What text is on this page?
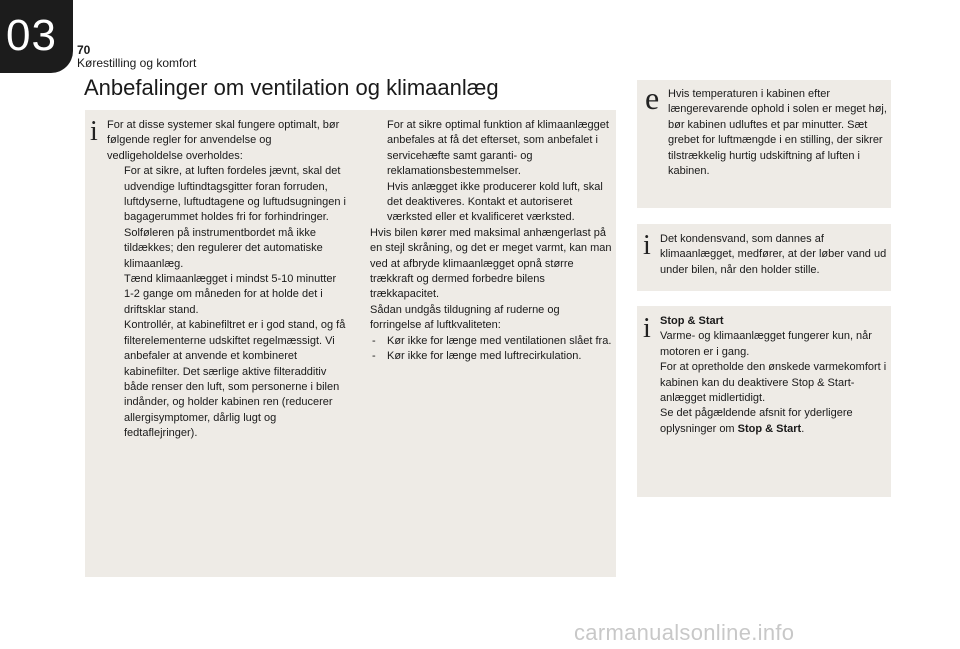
03 70
Kørestilling og komfort
Anbefalinger om ventilation og klimaanlæg
i For at disse systemer skal fungere optimalt, bør følgende regler for anvendelse og vedligeholdelse overholdes:

For at sikre, at luften fordeles jævnt, skal det udvendige luftindtagsgitter foran forruden, luftdyserne, luftudtagene og luftudsugningen i bagagerummet holdes fri for forhindringer.

Solføleren på instrumentbordet må ikke tildækkes; den regulerer det automatiske klimaanlæg.

Tænd klimaanlægget i mindst 5-10 minutter 1-2 gange om måneden for at holde det i driftsklar stand.

Kontrollér, at kabinefiltret er i god stand, og få filterelementerne udskiftet regelmæssigt. Vi anbefaler at anvende et kombineret kabinefilter. Det særlige aktive filteradditiv både renser den luft, som personerne i bilen indånder, og holder kabinen ren (reducerer allergisymptomer, dårlig lugt og fedtaflejringer).

For at sikre optimal funktion af klimaanlægget anbefales at få det efterset, som anbefalet i servicehæfte samt garanti- og reklamationsbestemmelser.

Hvis anlægget ikke producerer kold luft, skal det deaktiveres. Kontakt et autoriseret værksted eller et kvalificeret værksted.

Hvis bilen kører med maksimal anhængerlast på en stejl skråning, og det er meget varmt, kan man ved at afbryde klimaanlægget opnå større trækkraft og dermed forbedre bilens trækkapacitet.

Sådan undgås tildugning af ruderne og forringelse af luftkvaliteten:

- Kør ikke for længe med ventilationen slået fra.

- Kør ikke for længe med luftrecirkulation.

e Hvis temperaturen i kabinen efter længerevarende ophold i solen er meget høj, bør kabinen udluftes et par minutter. Sæt grebet for luftmængde i en stilling, der sikrer tilstrækkelig hurtig udskiftning af luften i kabinen.
i Det kondensvand, som dannes af klimaanlægget, medfører, at der løber vand ud under bilen, når den holder stille.
i Stop & Start

Varme- og klimaanlægget fungerer kun, når motoren er i gang.

For at opretholde den ønskede varmekomfort i kabinen kan du deaktivere Stop & Start-anlægget midlertidigt.

Se det pågældende afsnit for yderligere oplysninger om Stop & Start.

carmanualsonline.info
